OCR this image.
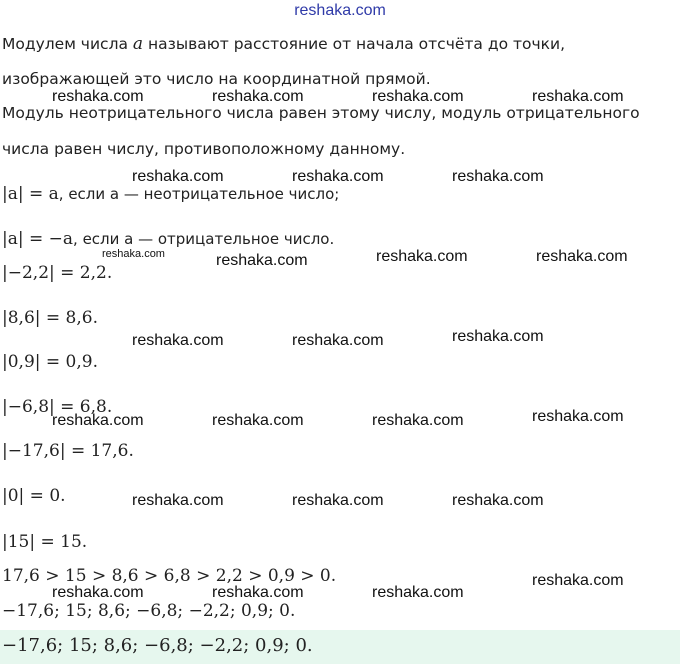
reshaka.com
Модулем числа a называют расстояние от начала отсчёта до точки,
изображающей это число на координатной прямой.
Модуль неотрицательного числа равен этому числу, модуль отрицательного
числа равен числу, противоположному данному.
|a| = a, если a — неотрицательное число;
|a| = −a, если a — отрицательное число.
|−2,2| = 2,2.
|8,6| = 8,6.
|0,9| = 0,9.
|−6,8| = 6,8.
|−17,6| = 17,6.
|0| = 0.
|15| = 15.
17,6 > 15 > 8,6 > 6,8 > 2,2 > 0,9 > 0.
−17,6; 15; 8,6; −6,8; −2,2; 0,9; 0.
−17,6; 15; 8,6; −6,8; −2,2; 0,9; 0.
reshaka.com	reshaka.com	reshaka.com	reshaka.com
reshaka.com	reshaka.com	reshaka.com
reshaka.com	reshaka.com	reshaka.com	reshaka.com
reshaka.com	reshaka.com	reshaka.com
reshaka.com	reshaka.com	reshaka.com	reshaka.com
reshaka.com	reshaka.com	reshaka.com
reshaka.com
reshaka.com	reshaka.com	reshaka.com
